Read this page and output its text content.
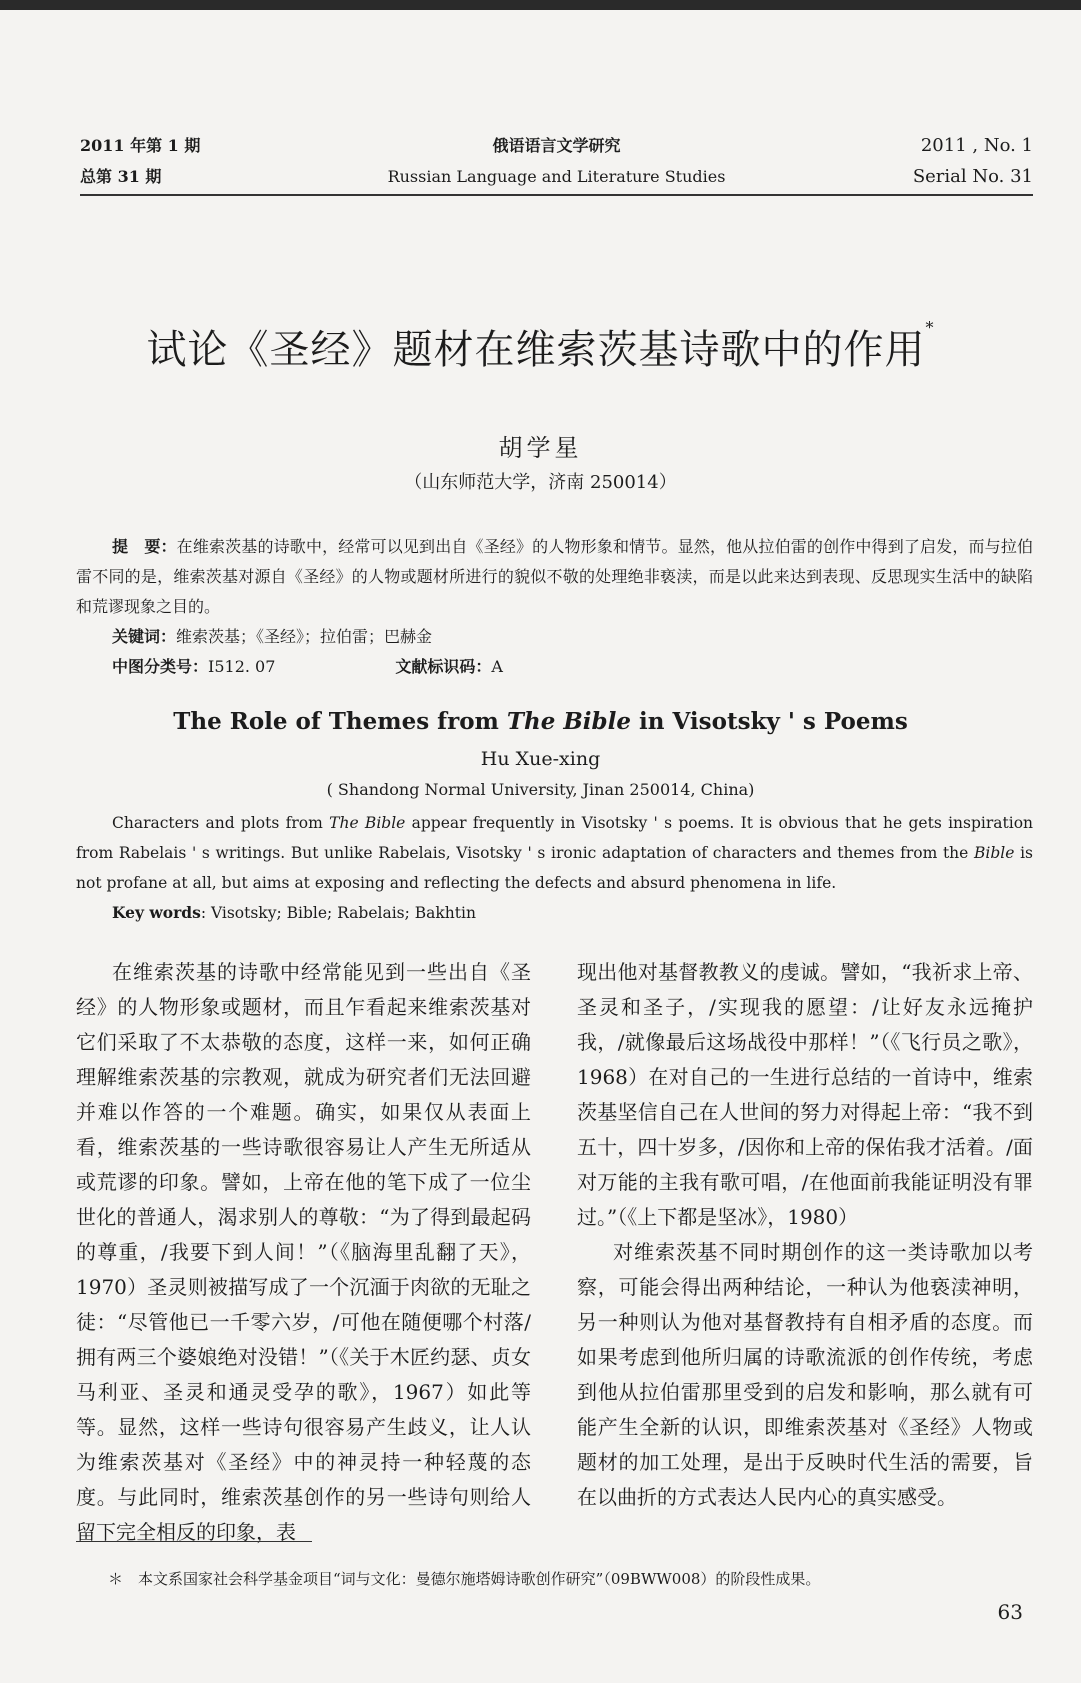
2011 年第 1 期
总第 31 期
俄语语言文学研究
Russian Language and Literature Studies
2011 , No. 1
Serial No. 31
试论《圣经》题材在维索茨基诗歌中的作用*
胡学星
（山东师范大学，济南 250014）

提　要：在维索茨基的诗歌中，经常可以见到出自《圣经》的人物形象和情节。显然，他从拉伯雷的创作中得到了启发，而与拉伯雷不同的是，维索茨基对源自《圣经》的人物或题材所进行的貌似不敬的处理绝非亵渎，而是以此来达到表现、反思现实生活中的缺陷和荒谬现象之目的。

关键词：维索茨基；《圣经》；拉伯雷；巴赫金

中图分类号：I512. 07	文献标识码：A

The Role of Themes from The Bible in Visotsky ' s Poems
Hu Xue-xing
( Shandong Normal University, Jinan 250014, China)

Characters and plots from The Bible appear frequently in Visotsky ' s poems. It is obvious that he gets inspiration from Rabelais ' s writings. But unlike Rabelais, Visotsky ' s ironic adaptation of characters and themes from the Bible is not profane at all, but aims at exposing and reflecting the defects and absurd phenomena in life.

Key words: Visotsky; Bible; Rabelais; Bakhtin

在维索茨基的诗歌中经常能见到一些出自《圣经》的人物形象或题材，而且乍看起来维索茨基对它们采取了不太恭敬的态度，这样一来，如何正确理解维索茨基的宗教观，就成为研究者们无法回避并难以作答的一个难题。确实，如果仅从表面上看，维索茨基的一些诗歌很容易让人产生无所适从或荒谬的印象。譬如，上帝在他的笔下成了一位尘世化的普通人，渴求别人的尊敬：“为了得到最起码的尊重，/我要下到人间！”（《脑海里乱翻了天》，1970）圣灵则被描写成了一个沉湎于肉欲的无耻之徒：“尽管他已一千零六岁，/可他在随便哪个村落/拥有两三个婆娘绝对没错！”（《关于木匠约瑟、贞女马利亚、圣灵和通灵受孕的歌》，1967）如此等等。显然，这样一些诗句很容易产生歧义，让人认为维索茨基对《圣经》中的神灵持一种轻蔑的态度。与此同时，维索茨基创作的另一些诗句则给人留下完全相反的印象，表

现出他对基督教教义的虔诚。譬如，“我祈求上帝、圣灵和圣子，/实现我的愿望：/让好友永远掩护我，/就像最后这场战役中那样！”（《飞行员之歌》，1968）在对自己的一生进行总结的一首诗中，维索茨基坚信自己在人世间的努力对得起上帝：“我不到五十，四十岁多，/因你和上帝的保佑我才活着。/面对万能的主我有歌可唱，/在他面前我能证明没有罪过。”（《上下都是坚冰》，1980）

对维索茨基不同时期创作的这一类诗歌加以考察，可能会得出两种结论，一种认为他亵渎神明，另一种则认为他对基督教持有自相矛盾的态度。而如果考虑到他所归属的诗歌流派的创作传统，考虑到他从拉伯雷那里受到的启发和影响，那么就有可能产生全新的认识，即维索茨基对《圣经》人物或题材的加工处理，是出于反映时代生活的需要，旨在以曲折的方式表达人民内心的真实感受。

＊　本文系国家社会科学基金项目“词与文化：曼德尔施塔姆诗歌创作研究”（09BWW008）的阶段性成果。
63
